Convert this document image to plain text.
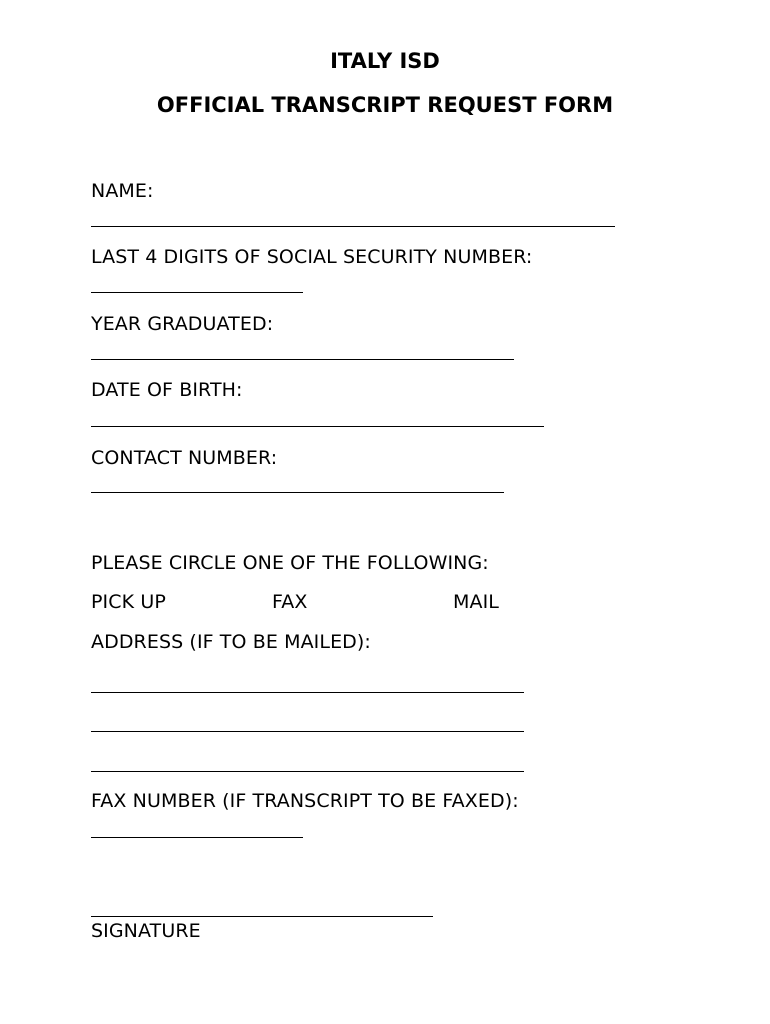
ITALY ISD
OFFICIAL TRANSCRIPT REQUEST FORM
NAME:
LAST 4 DIGITS OF SOCIAL SECURITY NUMBER:
YEAR GRADUATED:
DATE OF BIRTH:
CONTACT NUMBER:
PLEASE CIRCLE ONE OF THE FOLLOWING:
PICK UP	FAX	MAIL
ADDRESS (IF TO BE MAILED):
FAX NUMBER (IF TRANSCRIPT TO BE FAXED):
SIGNATURE
